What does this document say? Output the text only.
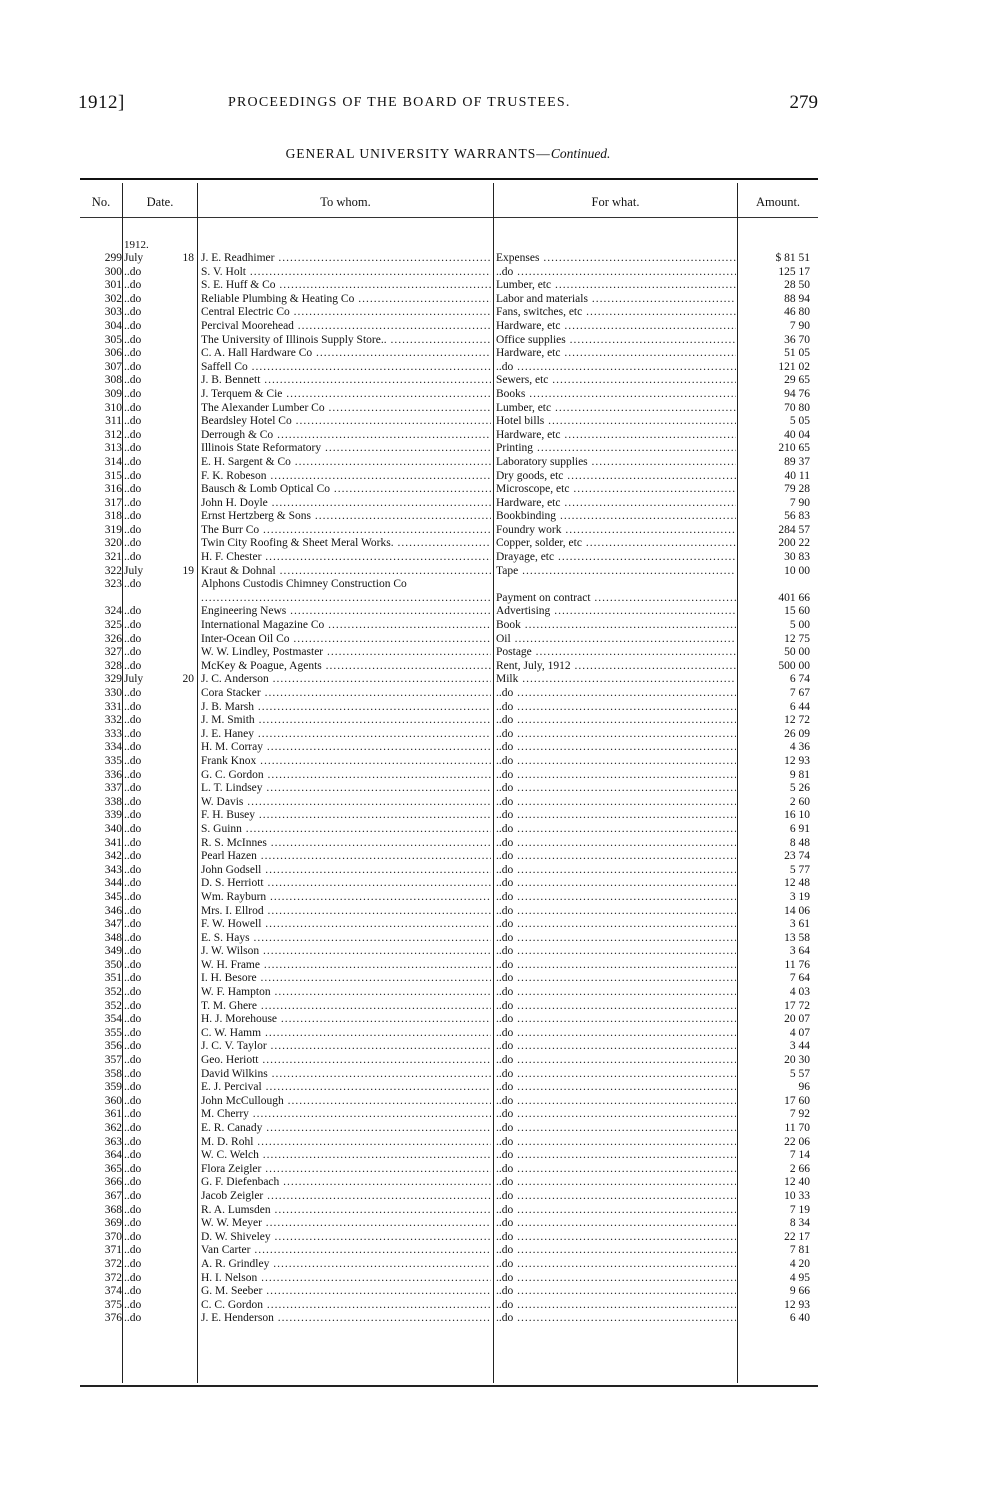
1912]	PROCEEDINGS OF THE BOARD OF TRUSTEES.	279
GENERAL UNIVERSITY WARRANTS—Continued.
No.	Date.	To whom.	For what.	Amount.
1912.
299 July	18 J. E. Readhimer .....	Expenses .....	$ 81 51
300 ..do	S. V. Holt .....	..do .....	125 17
301 ..do	S. E. Huff & Co .....	Lumber, etc .....	28 50
302 ..do	Reliable Plumbing & Heating Co .....	Labor and materials .....	88 94
303 ..do	Central Electric Co .....	Fans, switches, etc .....	46 80
304 ..do	Percival Moorehead .....	Hardware, etc .....	7 90
305 ..do	The University of Illinois Supply Store.. .....	Office supplies .....	36 70
306 ..do	C. A. Hall Hardware Co .....	Hardware, etc .....	51 05
307 ..do	Saffell Co .....	..do .....	121 02
308 ..do	J. B. Bennett .....	Sewers, etc .....	29 65
309 ..do	J. Terquem & Cie .....	Books .....	94 76
310 ..do	The Alexander Lumber Co .....	Lumber, etc .....	70 80
311 ..do	Beardsley Hotel Co .....	Hotel bills .....	5 05
312 ..do	Derrough & Co .....	Hardware, etc .....	40 04
313 ..do	Illinois State Reformatory .....	Printing .....	210 65
314 ..do	E. H. Sargent & Co .....	Laboratory supplies .....	89 37
315 ..do	F. K. Robeson .....	Dry goods, etc .....	40 11
316 ..do	Bausch & Lomb Optical Co .....	Microscope, etc .....	79 28
317 ..do	John H. Doyle .....	Hardware, etc .....	7 90
318 ..do	Ernst Hertzberg & Sons .....	Bookbinding .....	56 83
319 ..do	The Burr Co .....	Foundry work .....	284 57
320 ..do	Twin City Roofing & Sheet Meral Works. .....	Copper, solder, etc .....	200 22
321 ..do	H. F. Chester .....	Drayage, etc .....	30 83
322 July	19 Kraut & Dohnal .....	Tape .....	10 00
323 ..do	Alphons Custodis Chimney Construction Co .....
Payment on contract .....	401 66
324 ..do	Engineering News .....	Advertising .....	15 60
325 ..do	International Magazine Co .....	Book .....	5 00
326 ..do	Inter-Ocean Oil Co .....	Oil .....	12 75
327 ..do	W. W. Lindley, Postmaster .....	Postage .....	50 00
328 ..do	McKey & Poague, Agents .....	Rent, July, 1912 .....	500 00
329 July	20 J. C. Anderson .....	Milk .....	6 74
330 ..do	Cora Stacker .....	..do .....	7 67
331 ..do	J. B. Marsh .....	..do .....	6 44
332 ..do	J. M. Smith .....	..do .....	12 72
333 ..do	J. E. Haney .....	..do .....	26 09
334 ..do	H. M. Corray .....	..do .....	4 36
335 ..do	Frank Knox .....	..do .....	12 93
336 ..do	G. C. Gordon .....	..do .....	9 81
337 ..do	L. T. Lindsey .....	..do .....	5 26
338 ..do	W. Davis .....	..do .....	2 60
339 ..do	F. H. Busey .....	..do .....	16 10
340 ..do	S. Guinn .....	..do .....	6 91
341 ..do	R. S. McInnes .....	..do .....	8 48
342 ..do	Pearl Hazen .....	..do .....	23 74
343 ..do	John Godsell .....	..do .....	5 77
344 ..do	D. S. Herriott .....	..do .....	12 48
345 ..do	Wm. Rayburn .....	..do .....	3 19
346 ..do	Mrs. I. Ellrod .....	..do .....	14 06
347 ..do	F. W. Howell .....	..do .....	3 61
348 ..do	E. S. Hays .....	..do .....	13 58
349 ..do	J. W. Wilson .....	..do .....	3 64
350 ..do	W. H. Frame .....	..do .....	11 76
351 ..do	I. H. Besore .....	..do .....	7 64
352 ..do	W. F. Hampton .....	..do .....	4 03
352 ..do	T. M. Ghere .....	..do .....	17 72
354 ..do	H. J. Morehouse .....	..do .....	20 07
355 ..do	C. W. Hamm .....	..do .....	4 07
356 ..do	J. C. V. Taylor .....	..do .....	3 44
357 ..do	Geo. Heriott .....	..do .....	20 30
358 ..do	David Wilkins .....	..do .....	5 57
359 ..do	E. J. Percival .....	..do .....	96
360 ..do	John McCullough .....	..do .....	17 60
361 ..do	M. Cherry .....	..do .....	7 92
362 ..do	E. R. Canady .....	..do .....	11 70
363 ..do	M. D. Rohl .....	..do .....	22 06
364 ..do	W. C. Welch .....	..do .....	7 14
365 ..do	Flora Zeigler .....	..do .....	2 66
366 ..do	G. F. Diefenbach .....	..do .....	12 40
367 ..do	Jacob Zeigler .....	..do .....	10 33
368 ..do	R. A. Lumsden .....	..do .....	7 19
369 ..do	W. W. Meyer .....	..do .....	8 34
370 ..do	D. W. Shiveley .....	..do .....	22 17
371 ..do	Van Carter .....	..do .....	7 81
372 ..do	A. R. Grindley .....	..do .....	4 20
372 ..do	H. I. Nelson .....	..do .....	4 95
374 ..do	G. M. Seeber .....	..do .....	9 66
375 ..do	C. C. Gordon .....	..do .....	12 93
376 ..do	J. E. Henderson .....	..do .....	6 40
